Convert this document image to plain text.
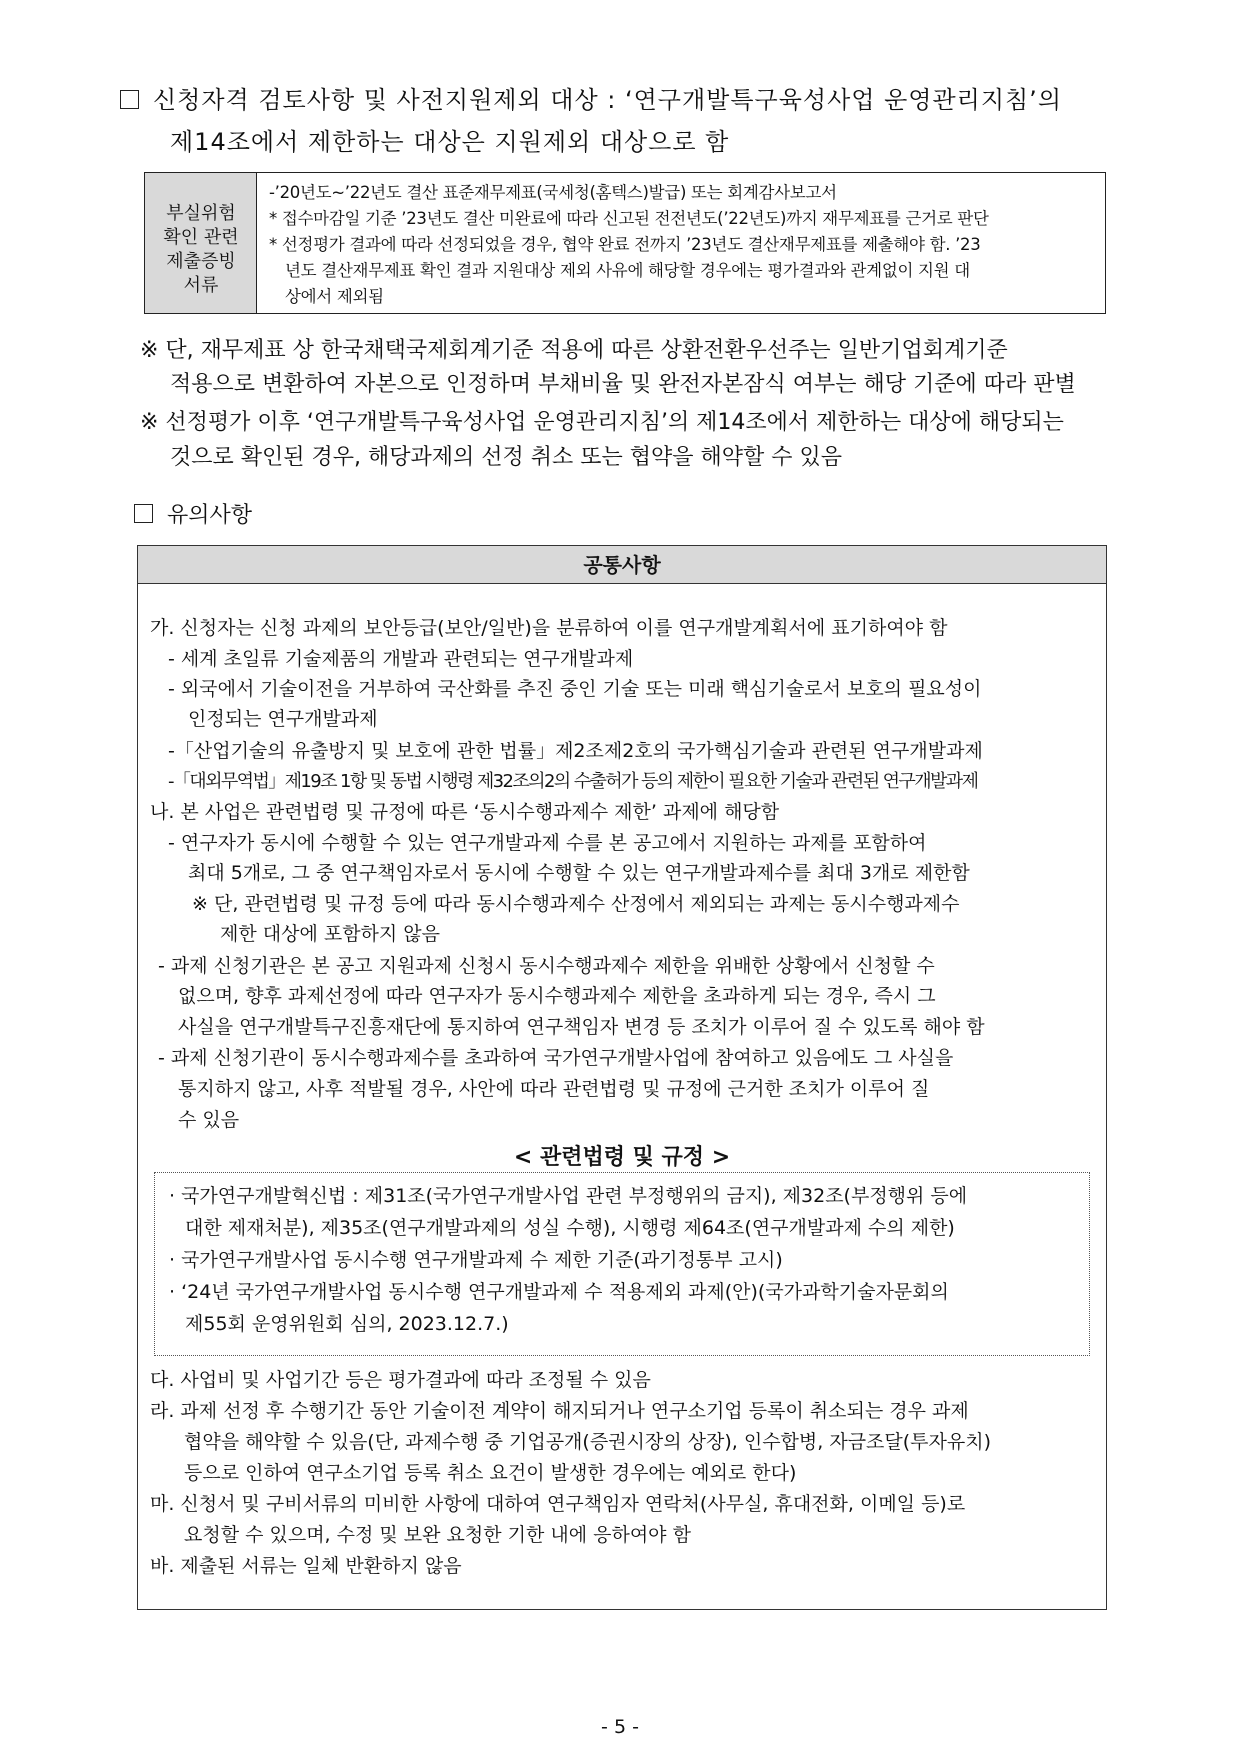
신청자격 검토사항 및 사전지원제외 대상 : ‘연구개발특구육성사업 운영관리지침’의
제14조에서 제한하는 대상은 지원제외 대상으로 함
부실위험
확인 관련
제출증빙
서류
-’20년도~’22년도 결산 표준재무제표(국세청(홈텍스)발급) 또는 회계감사보고서
* 접수마감일 기준 ’23년도 결산 미완료에 따라 신고된 전전년도(’22년도)까지 재무제표를 근거로 판단
* 선정평가 결과에 따라 선정되었을 경우, 협약 완료 전까지 ’23년도 결산재무제표를 제출해야 함. ’23
년도 결산재무제표 확인 결과 지원대상 제외 사유에 해당할 경우에는 평가결과와 관계없이 지원 대
상에서 제외됨
※ 단, 재무제표 상 한국채택국제회계기준 적용에 따른 상환전환우선주는 일반기업회계기준
적용으로 변환하여 자본으로 인정하며 부채비율 및 완전자본잠식 여부는 해당 기준에 따라 판별
※ 선정평가 이후 ‘연구개발특구육성사업 운영관리지침’의 제14조에서 제한하는 대상에 해당되는
것으로 확인된 경우, 해당과제의 선정 취소 또는 협약을 해약할 수 있음
유의사항
공통사항
가. 신청자는 신청 과제의 보안등급(보안/일반)을 분류하여 이를 연구개발계획서에 표기하여야 함
- 세계 초일류 기술제품의 개발과 관련되는 연구개발과제
- 외국에서 기술이전을 거부하여 국산화를 추진 중인 기술 또는 미래 핵심기술로서 보호의 필요성이
인정되는 연구개발과제
-「산업기술의 유출방지 및 보호에 관한 법률」제2조제2호의 국가핵심기술과 관련된 연구개발과제
-「대외무역법」제19조 1항 및 동법 시행령 제32조의2의 수출허가 등의 제한이 필요한 기술과 관련된 연구개발과제
나. 본 사업은 관련법령 및 규정에 따른 ‘동시수행과제수 제한’ 과제에 해당함
- 연구자가 동시에 수행할 수 있는 연구개발과제 수를 본 공고에서 지원하는 과제를 포함하여
최대 5개로, 그 중 연구책임자로서 동시에 수행할 수 있는 연구개발과제수를 최대 3개로 제한함
※ 단, 관련법령 및 규정 등에 따라 동시수행과제수 산정에서 제외되는 과제는 동시수행과제수
제한 대상에 포함하지 않음
- 과제 신청기관은 본 공고 지원과제 신청시 동시수행과제수 제한을 위배한 상황에서 신청할 수
없으며, 향후 과제선정에 따라 연구자가 동시수행과제수 제한을 초과하게 되는 경우, 즉시 그
사실을 연구개발특구진흥재단에 통지하여 연구책임자 변경 등 조치가 이루어 질 수 있도록 해야 함
- 과제 신청기관이 동시수행과제수를 초과하여 국가연구개발사업에 참여하고 있음에도 그 사실을
통지하지 않고, 사후 적발될 경우, 사안에 따라 관련법령 및 규정에 근거한 조치가 이루어 질
수 있음
< 관련법령 및 규정 >
· 국가연구개발혁신법 : 제31조(국가연구개발사업 관련 부정행위의 금지), 제32조(부정행위 등에
대한 제재처분), 제35조(연구개발과제의 성실 수행), 시행령 제64조(연구개발과제 수의 제한)
· 국가연구개발사업 동시수행 연구개발과제 수 제한 기준(과기정통부 고시)
· ‘24년 국가연구개발사업 동시수행 연구개발과제 수 적용제외 과제(안)(국가과학기술자문회의
제55회 운영위원회 심의, 2023.12.7.)
다. 사업비 및 사업기간 등은 평가결과에 따라 조정될 수 있음
라. 과제 선정 후 수행기간 동안 기술이전 계약이 해지되거나 연구소기업 등록이 취소되는 경우 과제
협약을 해약할 수 있음(단, 과제수행 중 기업공개(증권시장의 상장), 인수합병, 자금조달(투자유치)
등으로 인하여 연구소기업 등록 취소 요건이 발생한 경우에는 예외로 한다)
마. 신청서 및 구비서류의 미비한 사항에 대하여 연구책임자 연락처(사무실, 휴대전화, 이메일 등)로
요청할 수 있으며, 수정 및 보완 요청한 기한 내에 응하여야 함
바. 제출된 서류는 일체 반환하지 않음
- 5 -
